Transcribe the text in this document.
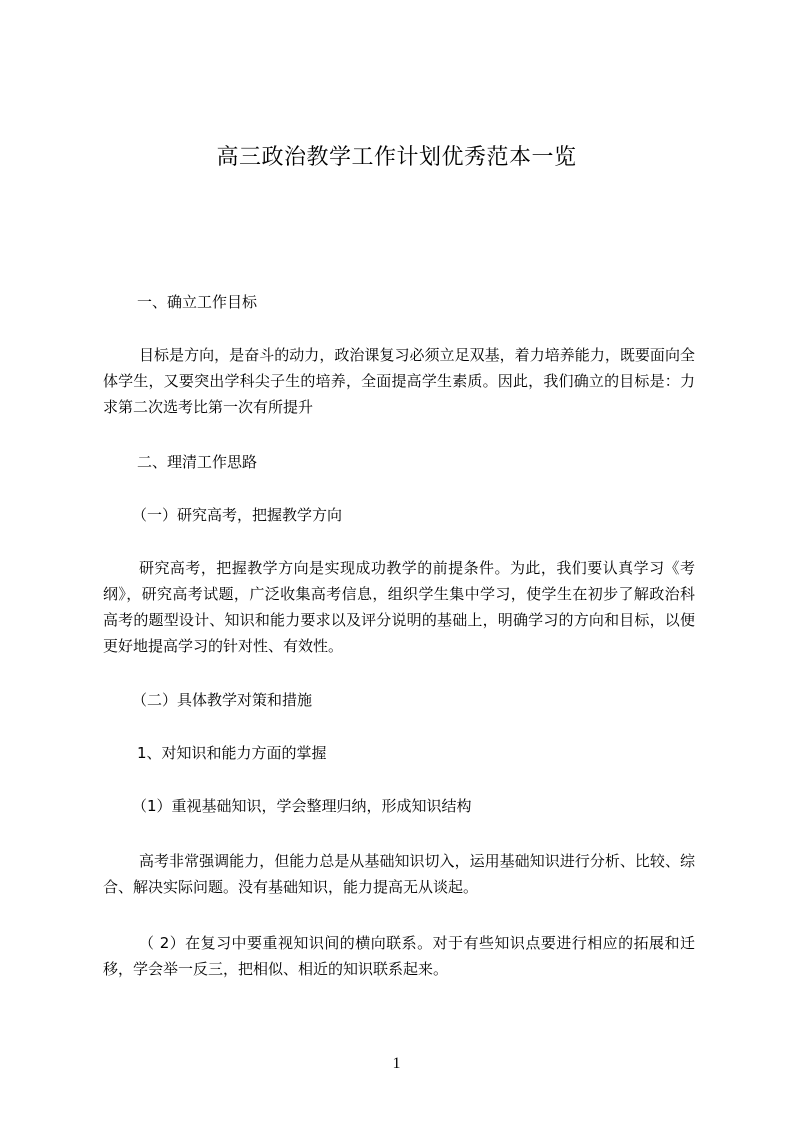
高三政治教学工作计划优秀范本一览
一、确立工作目标
目标是方向，是奋斗的动力，政治课复习必须立足双基，着力培养能力，既要面向全体学生，又要突出学科尖子生的培养，全面提高学生素质。因此，我们确立的目标是：力求第二次选考比第一次有所提升
二、理清工作思路
（一）研究高考，把握教学方向
研究高考，把握教学方向是实现成功教学的前提条件。为此，我们要认真学习《考纲》，研究高考试题，广泛收集高考信息，组织学生集中学习，使学生在初步了解政治科高考的题型设计、知识和能力要求以及评分说明的基础上，明确学习的方向和目标，以便更好地提高学习的针对性、有效性。
（二）具体教学对策和措施
1、对知识和能力方面的掌握
（1）重视基础知识，学会整理归纳，形成知识结构
高考非常强调能力，但能力总是从基础知识切入，运用基础知识进行分析、比较、综合、解决实际问题。没有基础知识，能力提高无从谈起。
（ 2）在复习中要重视知识间的横向联系。对于有些知识点要进行相应的拓展和迁移，学会举一反三，把相似、相近的知识联系起来。
1
